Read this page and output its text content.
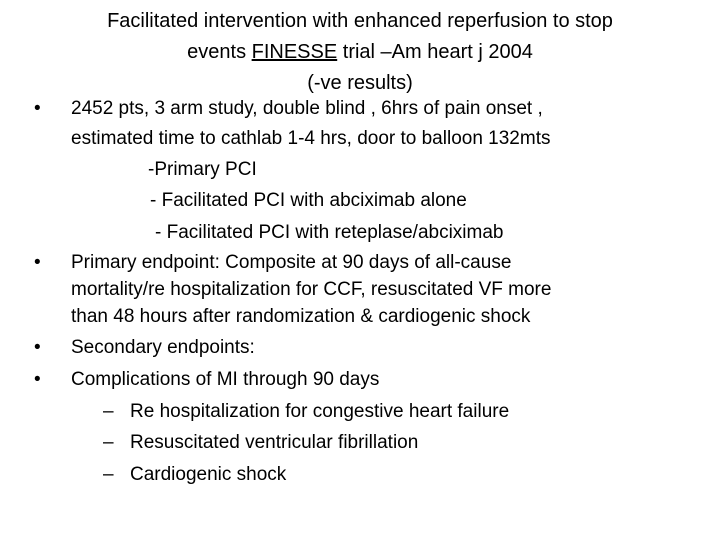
Facilitated intervention with enhanced reperfusion to stop
events FINESSE trial –Am heart j 2004
(-ve results)
• 2452 pts, 3 arm study, double blind , 6hrs of pain onset ,
estimated time to cathlab 1-4 hrs, door to balloon 132mts
-Primary PCI
- Facilitated PCI with abciximab alone
- Facilitated PCI with reteplase/abciximab
• Primary endpoint: Composite at 90 days of all-cause
mortality/re hospitalization for CCF, resuscitated VF more
than 48 hours after randomization & cardiogenic shock
• Secondary endpoints:
• Complications of MI through 90 days
– Re hospitalization for congestive heart failure
– Resuscitated ventricular fibrillation
– Cardiogenic shock
